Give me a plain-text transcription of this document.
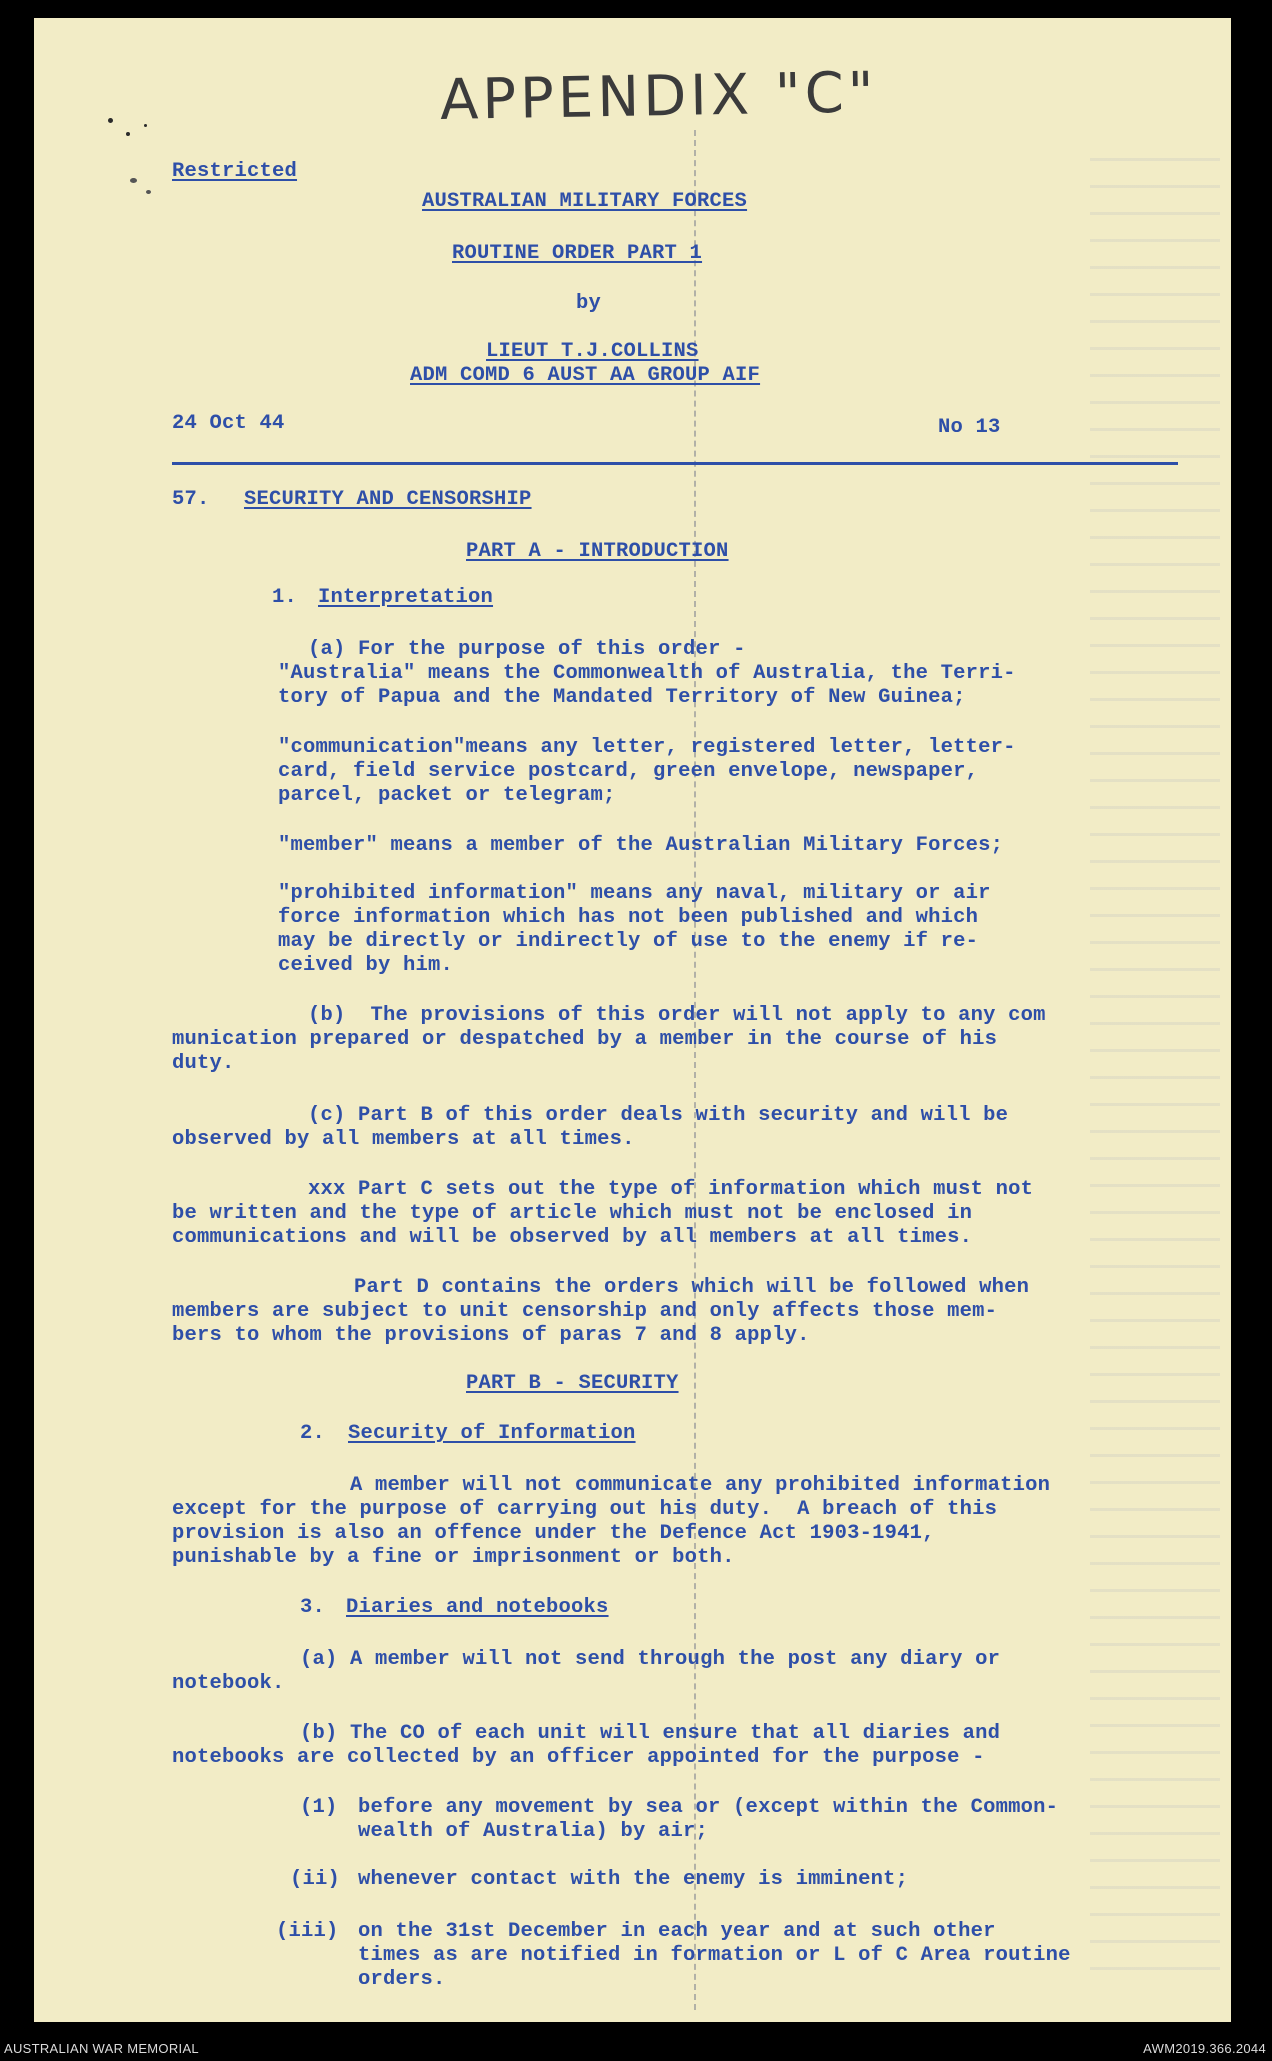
APPENDIX "C"
Restricted
AUSTRALIAN MILITARY FORCES
ROUTINE ORDER PART 1
by
LIEUT T.J.COLLINS
ADM COMD 6 AUST AA GROUP AIF
24 Oct 44	No 13
57. SECURITY AND CENSORSHIP
PART A - INTRODUCTION
1. Interpretation
(a) For the purpose of this order -
"Australia" means the Commonwealth of Australia, the Terri-
tory of Papua and the Mandated Territory of New Guinea;
"communication"means any letter, registered letter, letter-
card, field service postcard, green envelope, newspaper,
parcel, packet or telegram;
"member" means a member of the Australian Military Forces;
"prohibited information" means any naval, military or air
force information which has not been published and which
may be directly or indirectly of use to the enemy if re-
ceived by him.
(b)  The provisions of this order will not apply to any com
munication prepared or despatched by a member in the course of his
duty.
(c) Part B of this order deals with security and will be
observed by all members at all times.
xxx Part C sets out the type of information which must not
be written and the type of article which must not be enclosed in
communications and will be observed by all members at all times.
Part D contains the orders which will be followed when
members are subject to unit censorship and only affects those mem-
bers to whom the provisions of paras 7 and 8 apply.
PART B - SECURITY
2. Security of Information
A member will not communicate any prohibited information
except for the purpose of carrying out his duty.  A breach of this
provision is also an offence under the Defence Act 1903-1941,
punishable by a fine or imprisonment or both.
3. Diaries and notebooks
(a) A member will not send through the post any diary or
notebook.
(b) The CO of each unit will ensure that all diaries and
notebooks are collected by an officer appointed for the purpose -
(1) before any movement by sea or (except within the Common-
wealth of Australia) by air;
(ii) whenever contact with the enemy is imminent;
(iii) on the 31st December in each year and at such other
times as are notified in formation or L of C Area routine
orders.
AUSTRALIAN WAR MEMORIAL	AWM2019.366.2044
